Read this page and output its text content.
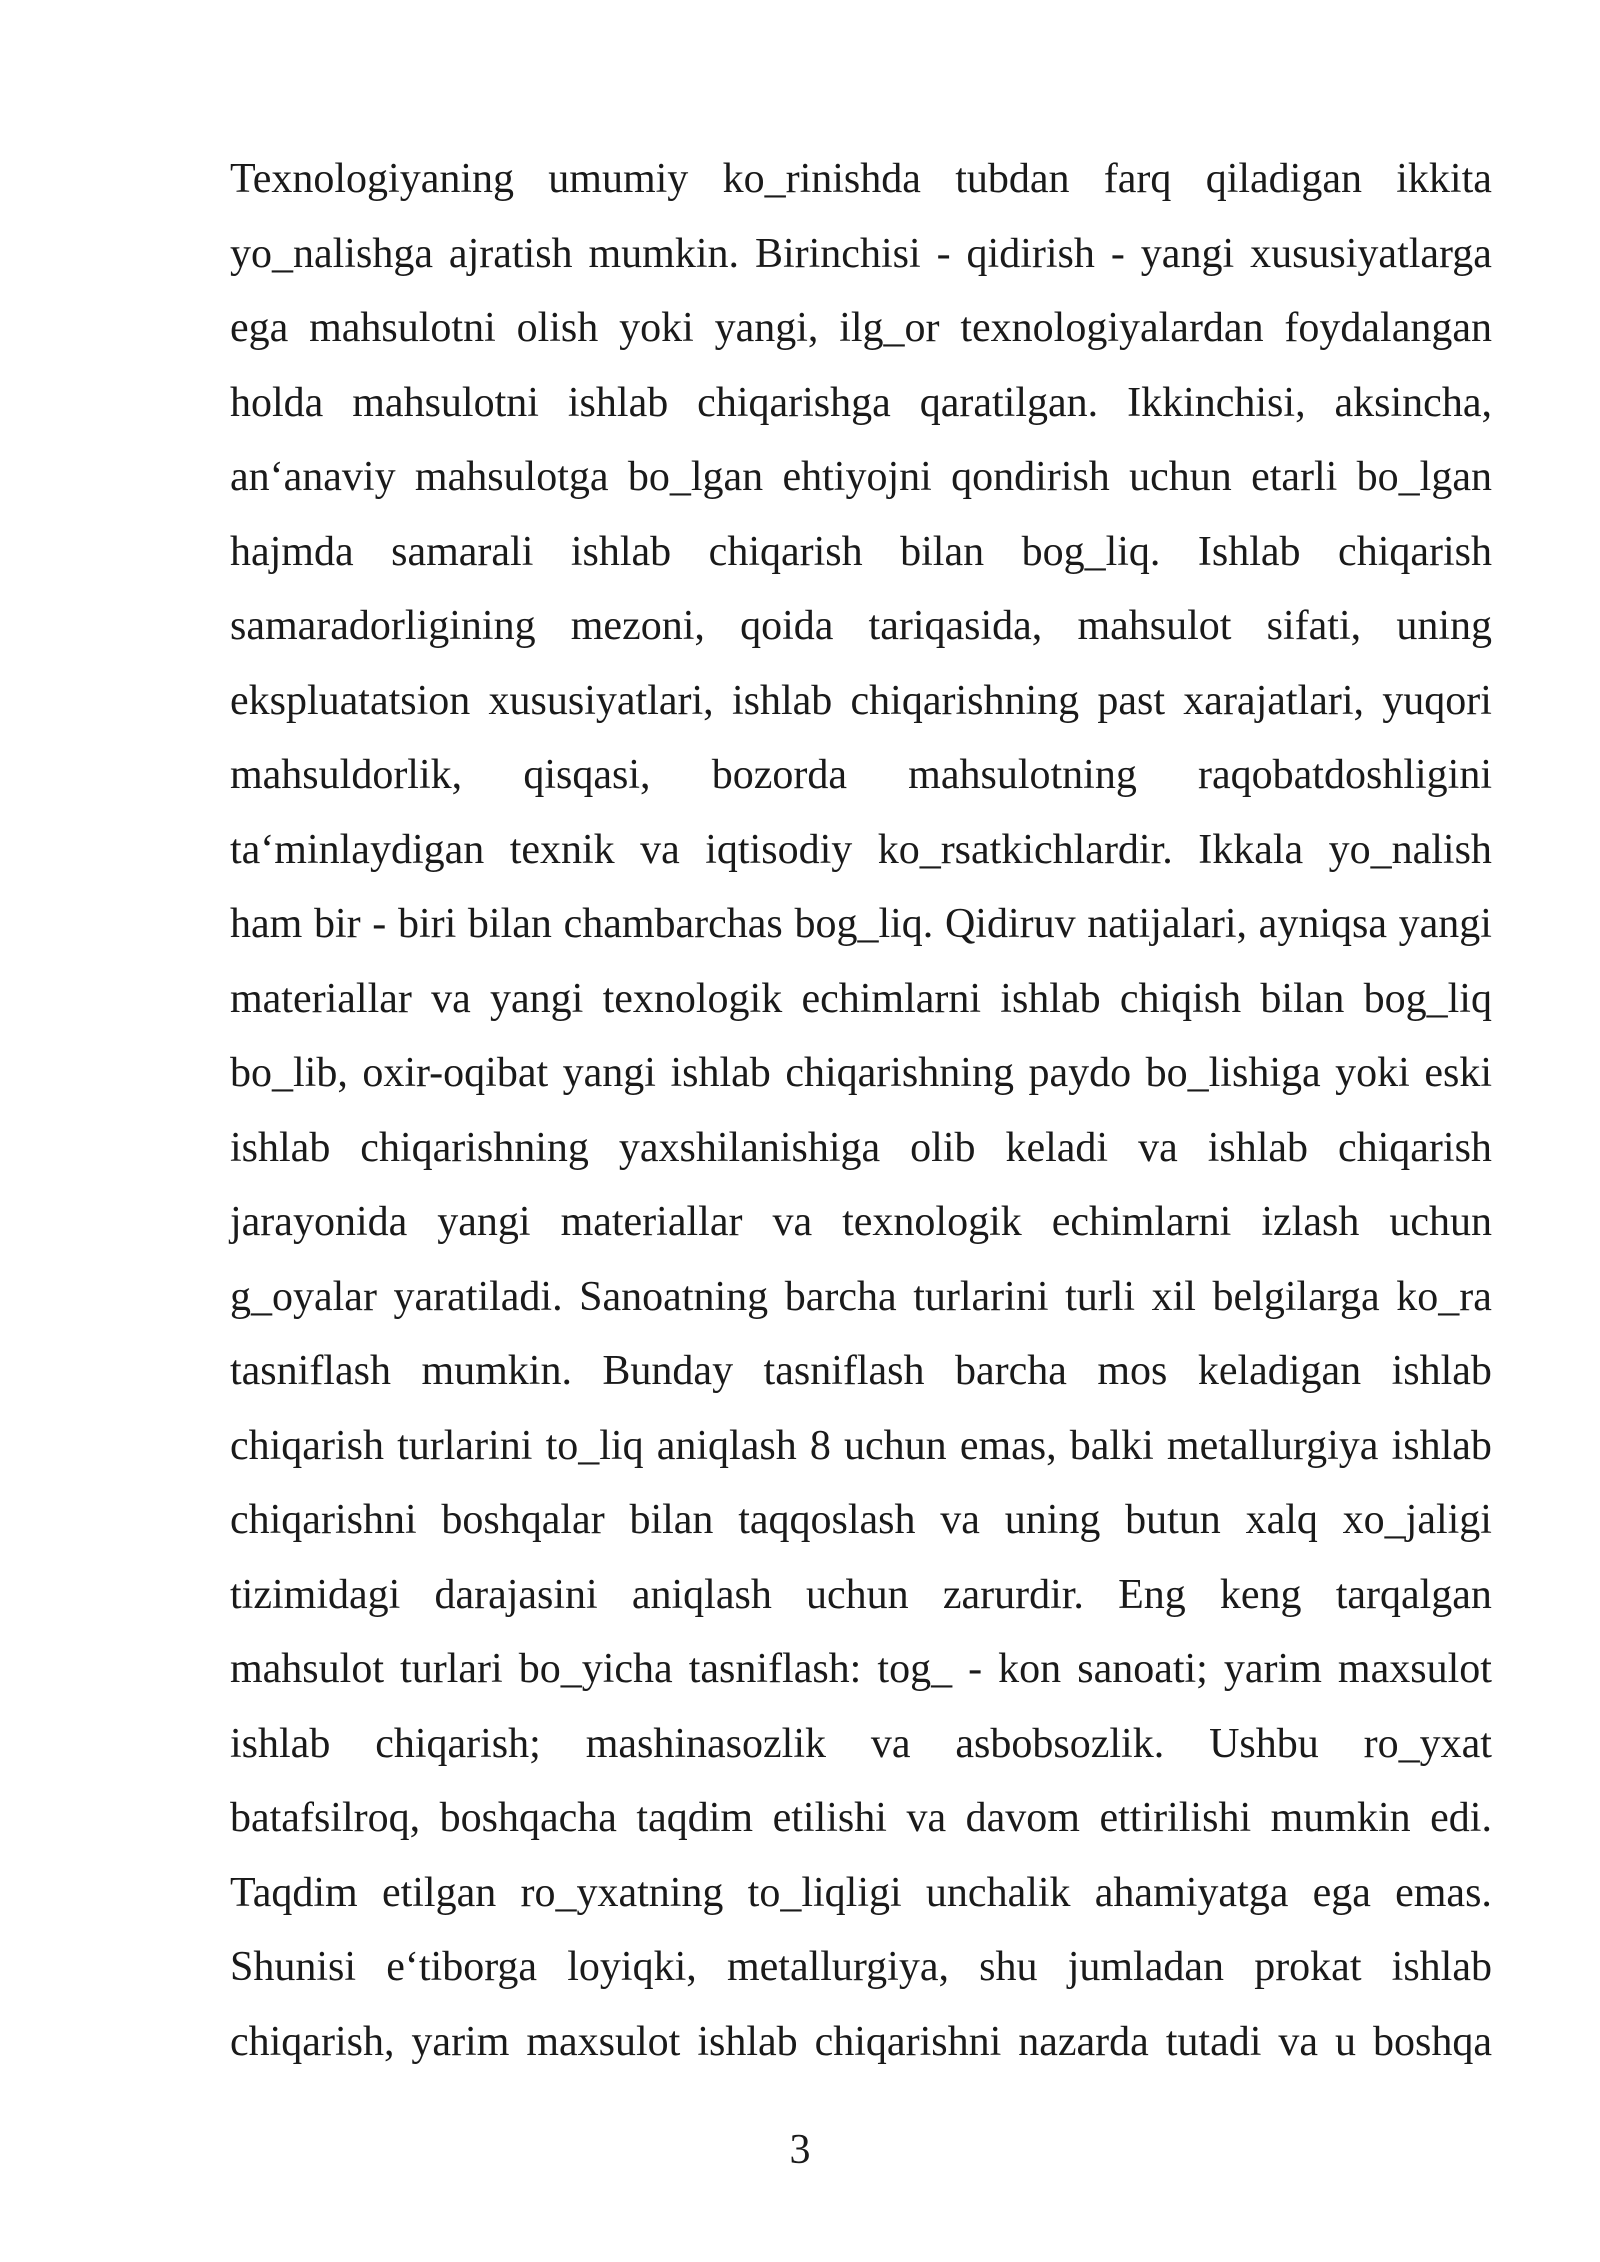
Texnologiyaning umumiy ko_rinishda tubdan farq qiladigan ikkita
yo_nalishga ajratish mumkin. Birinchisi - qidirish - yangi xususiyatlarga
ega mahsulotni olish yoki yangi, ilg_or texnologiyalardan foydalangan
holda mahsulotni ishlab chiqarishga qaratilgan. Ikkinchisi, aksincha,
an‘anaviy mahsulotga bo_lgan ehtiyojni qondirish uchun etarli bo_lgan
hajmda samarali ishlab chiqarish bilan bog_liq. Ishlab chiqarish
samaradorligining mezoni, qoida tariqasida, mahsulot sifati, uning
ekspluatatsion xususiyatlari, ishlab chiqarishning past xarajatlari, yuqori
mahsuldorlik, qisqasi, bozorda mahsulotning raqobatdoshligini
ta‘minlaydigan texnik va iqtisodiy ko_rsatkichlardir. Ikkala yo_nalish
ham bir - biri bilan chambarchas bog_liq. Qidiruv natijalari, ayniqsa yangi
materiallar va yangi texnologik echimlarni ishlab chiqish bilan bog_liq
bo_lib, oxir-oqibat yangi ishlab chiqarishning paydo bo_lishiga yoki eski
ishlab chiqarishning yaxshilanishiga olib keladi va ishlab chiqarish
jarayonida yangi materiallar va texnologik echimlarni izlash uchun
g_oyalar yaratiladi. Sanoatning barcha turlarini turli xil belgilarga ko_ra
tasniflash mumkin. Bunday tasniflash barcha mos keladigan ishlab
chiqarish turlarini to_liq aniqlash 8 uchun emas, balki metallurgiya ishlab
chiqarishni boshqalar bilan taqqoslash va uning butun xalq xo_jaligi
tizimidagi darajasini aniqlash uchun zarurdir. Eng keng tarqalgan
mahsulot turlari bo_yicha tasniflash: tog_ - kon sanoati; yarim maxsulot
ishlab chiqarish; mashinasozlik va asbobsozlik. Ushbu ro_yxat
batafsilroq, boshqacha taqdim etilishi va davom ettirilishi mumkin edi.
Taqdim etilgan ro_yxatning to_liqligi unchalik ahamiyatga ega emas.
Shunisi e‘tiborga loyiqki, metallurgiya, shu jumladan prokat ishlab
chiqarish, yarim maxsulot ishlab chiqarishni nazarda tutadi va u boshqa
3
